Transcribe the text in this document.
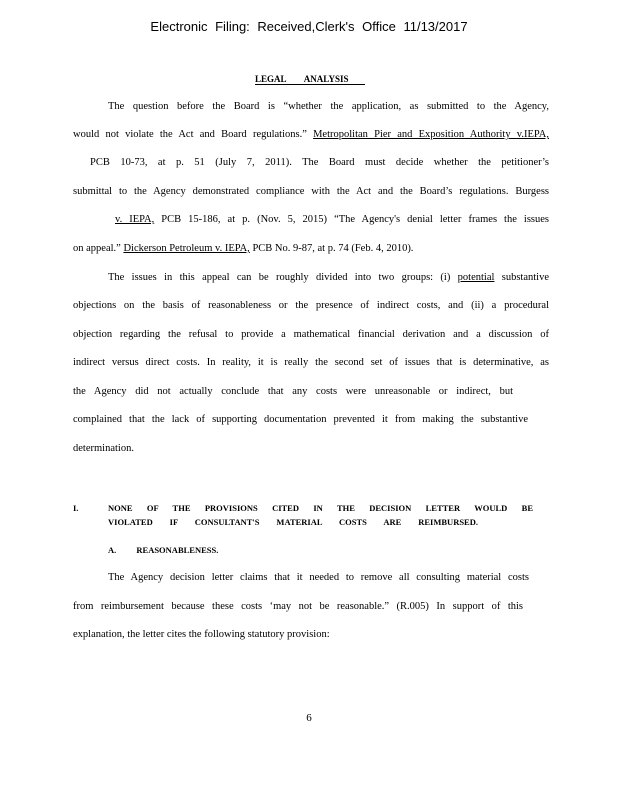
Electronic Filing: Received,Clerk's Office 11/13/2017
LEGAL ANALYSIS
The question before the Board is “whether the application, as submitted to the Agency,
would not violate the Act and Board regulations.” Metropolitan Pier and Exposition Authority v.IEPA,
PCB 10-73, at p. 51 (July 7, 2011). The Board must decide whether the petitioner’s
submittal to the Agency demonstrated compliance with the Act and the Board’s regulations. Burgess
v. IEPA, PCB 15-186, at p. (Nov. 5, 2015) “The Agency's denial letter frames the issues
on appeal.” Dickerson Petroleum v. IEPA, PCB No. 9-87, at p. 74 (Feb. 4, 2010).
The issues in this appeal can be roughly divided into two groups: (i) potential substantive
objections on the basis of reasonableness or the presence of indirect costs, and (ii) a procedural
objection regarding the refusal to provide a mathematical financial derivation and a discussion of
indirect versus direct costs. In reality, it is really the second set of issues that is determinative, as
the Agency did not actually conclude that any costs were unreasonable or indirect, but
complained that the lack of supporting documentation prevented it from making the substantive
determination.
I.	NONE OF THE PROVISIONS CITED IN THE DECISION LETTER WOULD BE
VIOLATED IF CONSULTANT'S MATERIAL COSTS ARE REIMBURSED.
A. REASONABLENESS.
The Agency decision letter claims that it needed to remove all consulting material costs
from reimbursement because these costs ‘may not be reasonable.” (R.005) In support of this
explanation, the letter cites the following statutory provision:
6
